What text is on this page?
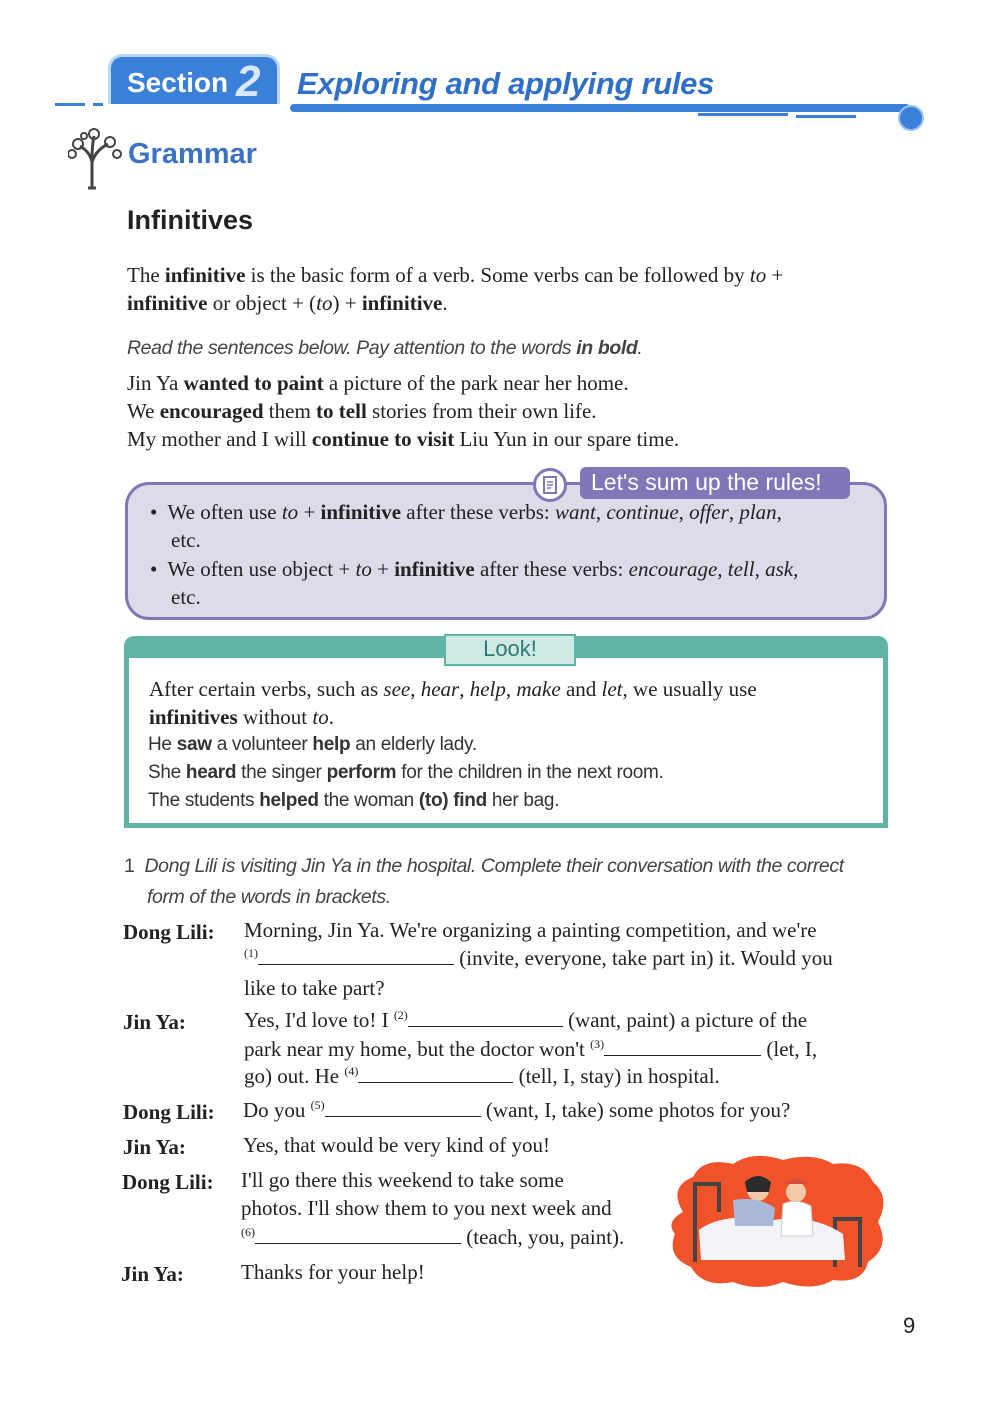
Section 2 Exploring and applying rules
Grammar
Infinitives
The infinitive is the basic form of a verb. Some verbs can be followed by to +
infinitive or object + (to) + infinitive.
Read the sentences below. Pay attention to the words in bold.
Jin Ya wanted to paint a picture of the park near her home.
We encouraged them to tell stories from their own life.
My mother and I will continue to visit Liu Yun in our spare time.
Let's sum up the rules!
• We often use to + infinitive after these verbs: want, continue, offer, plan,
etc.
• We often use object + to + infinitive after these verbs: encourage, tell, ask,
etc.
Look!
After certain verbs, such as see, hear, help, make and let, we usually use
infinitives without to.
He saw a volunteer help an elderly lady.
She heard the singer perform for the children in the next room.
The students helped the woman (to) find her bag.
1 Dong Lili is visiting Jin Ya in the hospital. Complete their conversation with the correct
form of the words in brackets.
Dong Lili: Morning, Jin Ya. We're organizing a painting competition, and we're
$^{(1)}$	(invite, everyone, take part in) it. Would you
like to take part?
Jin Ya:	Yes, I'd love to! I $^{(2)}$	(want, paint) a picture of the
park near my home, but the doctor won't $^{(3)}$	(let, I,
go) out. He $^{(4)}$	(tell, I, stay) in hospital.
Dong Lili: Do you $^{(5)}$	(want, I, take) some photos for you?
Jin Ya:	Yes, that would be very kind of you!
Dong Lili: I'll go there this weekend to take some
photos. I'll show them to you next week and
$^{(6)}$	(teach, you, paint).
Jin Ya:	Thanks for your help!
9
